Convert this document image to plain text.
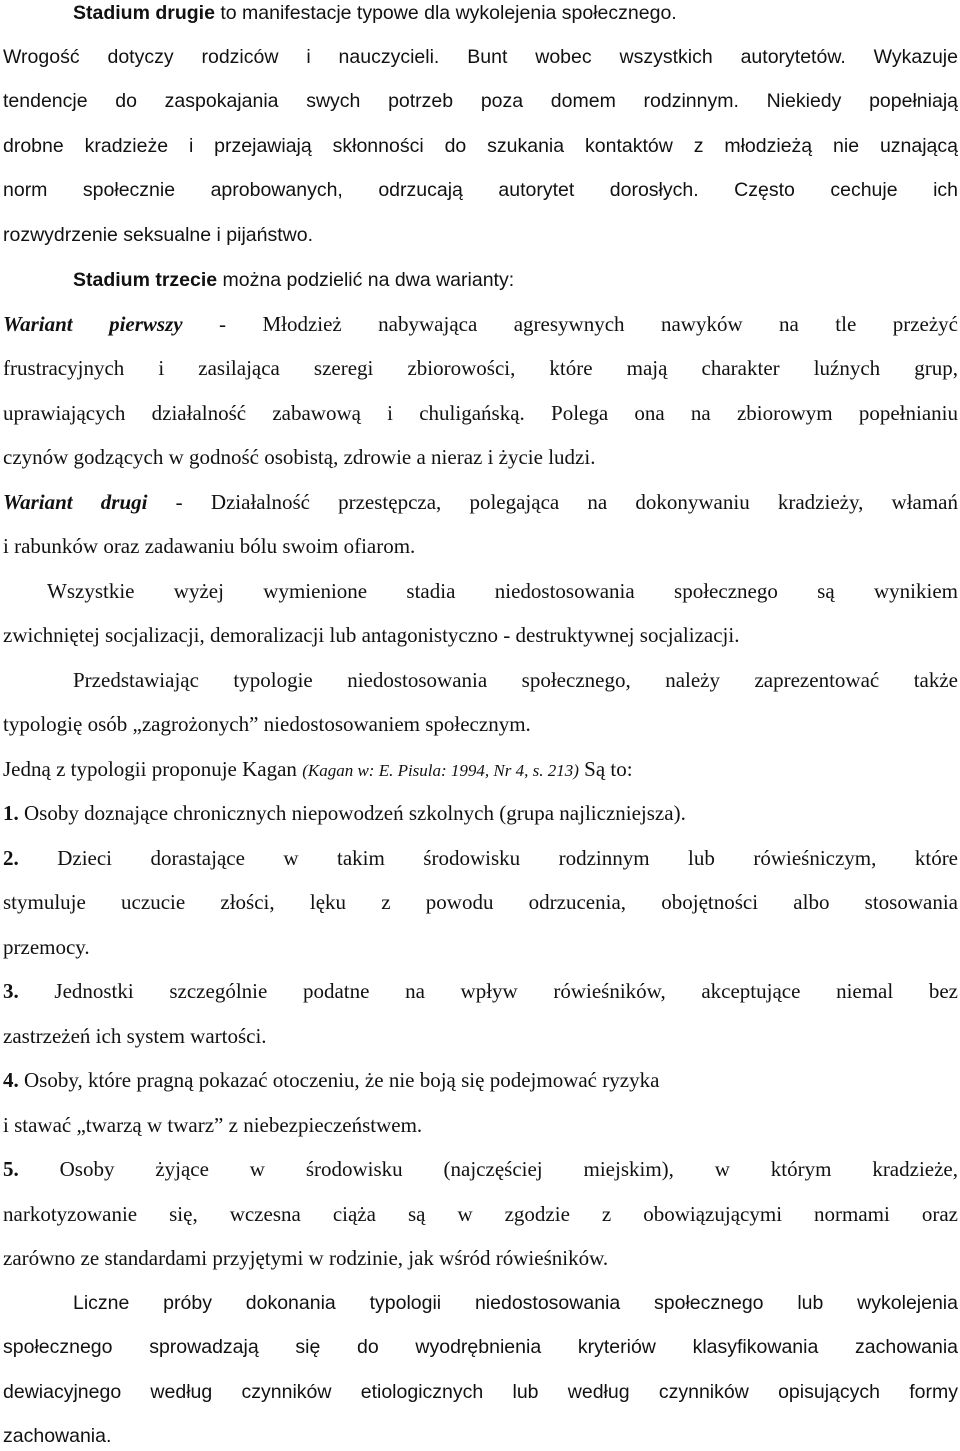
Stadium drugie to manifestacje typowe dla wykolejenia społecznego.
Wrogość dotyczy rodziców i nauczycieli. Bunt wobec wszystkich autorytetów. Wykazuje
tendencje do zaspokajania swych potrzeb poza domem rodzinnym. Niekiedy popełniają
drobne kradzieże i przejawiają skłonności do szukania kontaktów z młodzieżą nie uznającą
norm społecznie aprobowanych, odrzucają autorytet dorosłych. Często cechuje ich
rozwydrzenie seksualne i pijaństwo.
Stadium trzecie można podzielić na dwa warianty:
Wariant pierwszy - Młodzież nabywająca agresywnych nawyków na tle przeżyć
frustracyjnych i zasilająca szeregi zbiorowości, które mają charakter luźnych grup,
uprawiających działalność zabawową i chuligańską. Polega ona na zbiorowym popełnianiu
czynów godzących w godność osobistą, zdrowie a nieraz i życie ludzi.
Wariant drugi - Działalność przestępcza, polegająca na dokonywaniu kradzieży, włamań
i rabunków oraz zadawaniu bólu swoim ofiarom.
Wszystkie wyżej wymienione stadia niedostosowania społecznego są wynikiem
zwichniętej socjalizacji, demoralizacji lub antagonistyczno - destruktywnej socjalizacji.
Przedstawiając typologie niedostosowania społecznego, należy zaprezentować także
typologię osób „zagrożonych” niedostosowaniem społecznym.
Jedną z typologii proponuje Kagan (Kagan w: E. Pisula: 1994, Nr 4, s. 213) Są to:
1. Osoby doznające chronicznych niepowodzeń szkolnych (grupa najliczniejsza).
2. Dzieci dorastające w takim środowisku rodzinnym lub rówieśniczym, które
stymuluje uczucie złości, lęku z powodu odrzucenia, obojętności albo stosowania
przemocy.
3. Jednostki szczególnie podatne na wpływ rówieśników, akceptujące niemal bez
zastrzeżeń ich system wartości.
4. Osoby, które pragną pokazać otoczeniu, że nie boją się podejmować ryzyka
i stawać „twarzą w twarz” z niebezpieczeństwem.
5. Osoby żyjące w środowisku (najczęściej miejskim), w którym kradzieże,
narkotyzowanie się, wczesna ciąża są w zgodzie z obowiązującymi normami oraz
zarówno ze standardami przyjętymi w rodzinie, jak wśród rówieśników.
Liczne próby dokonania typologii niedostosowania społecznego lub wykolejenia
społecznego sprowadzają się do wyodrębnienia kryteriów klasyfikowania zachowania
dewiacyjnego według czynników etiologicznych lub według czynników opisujących formy
zachowania.
